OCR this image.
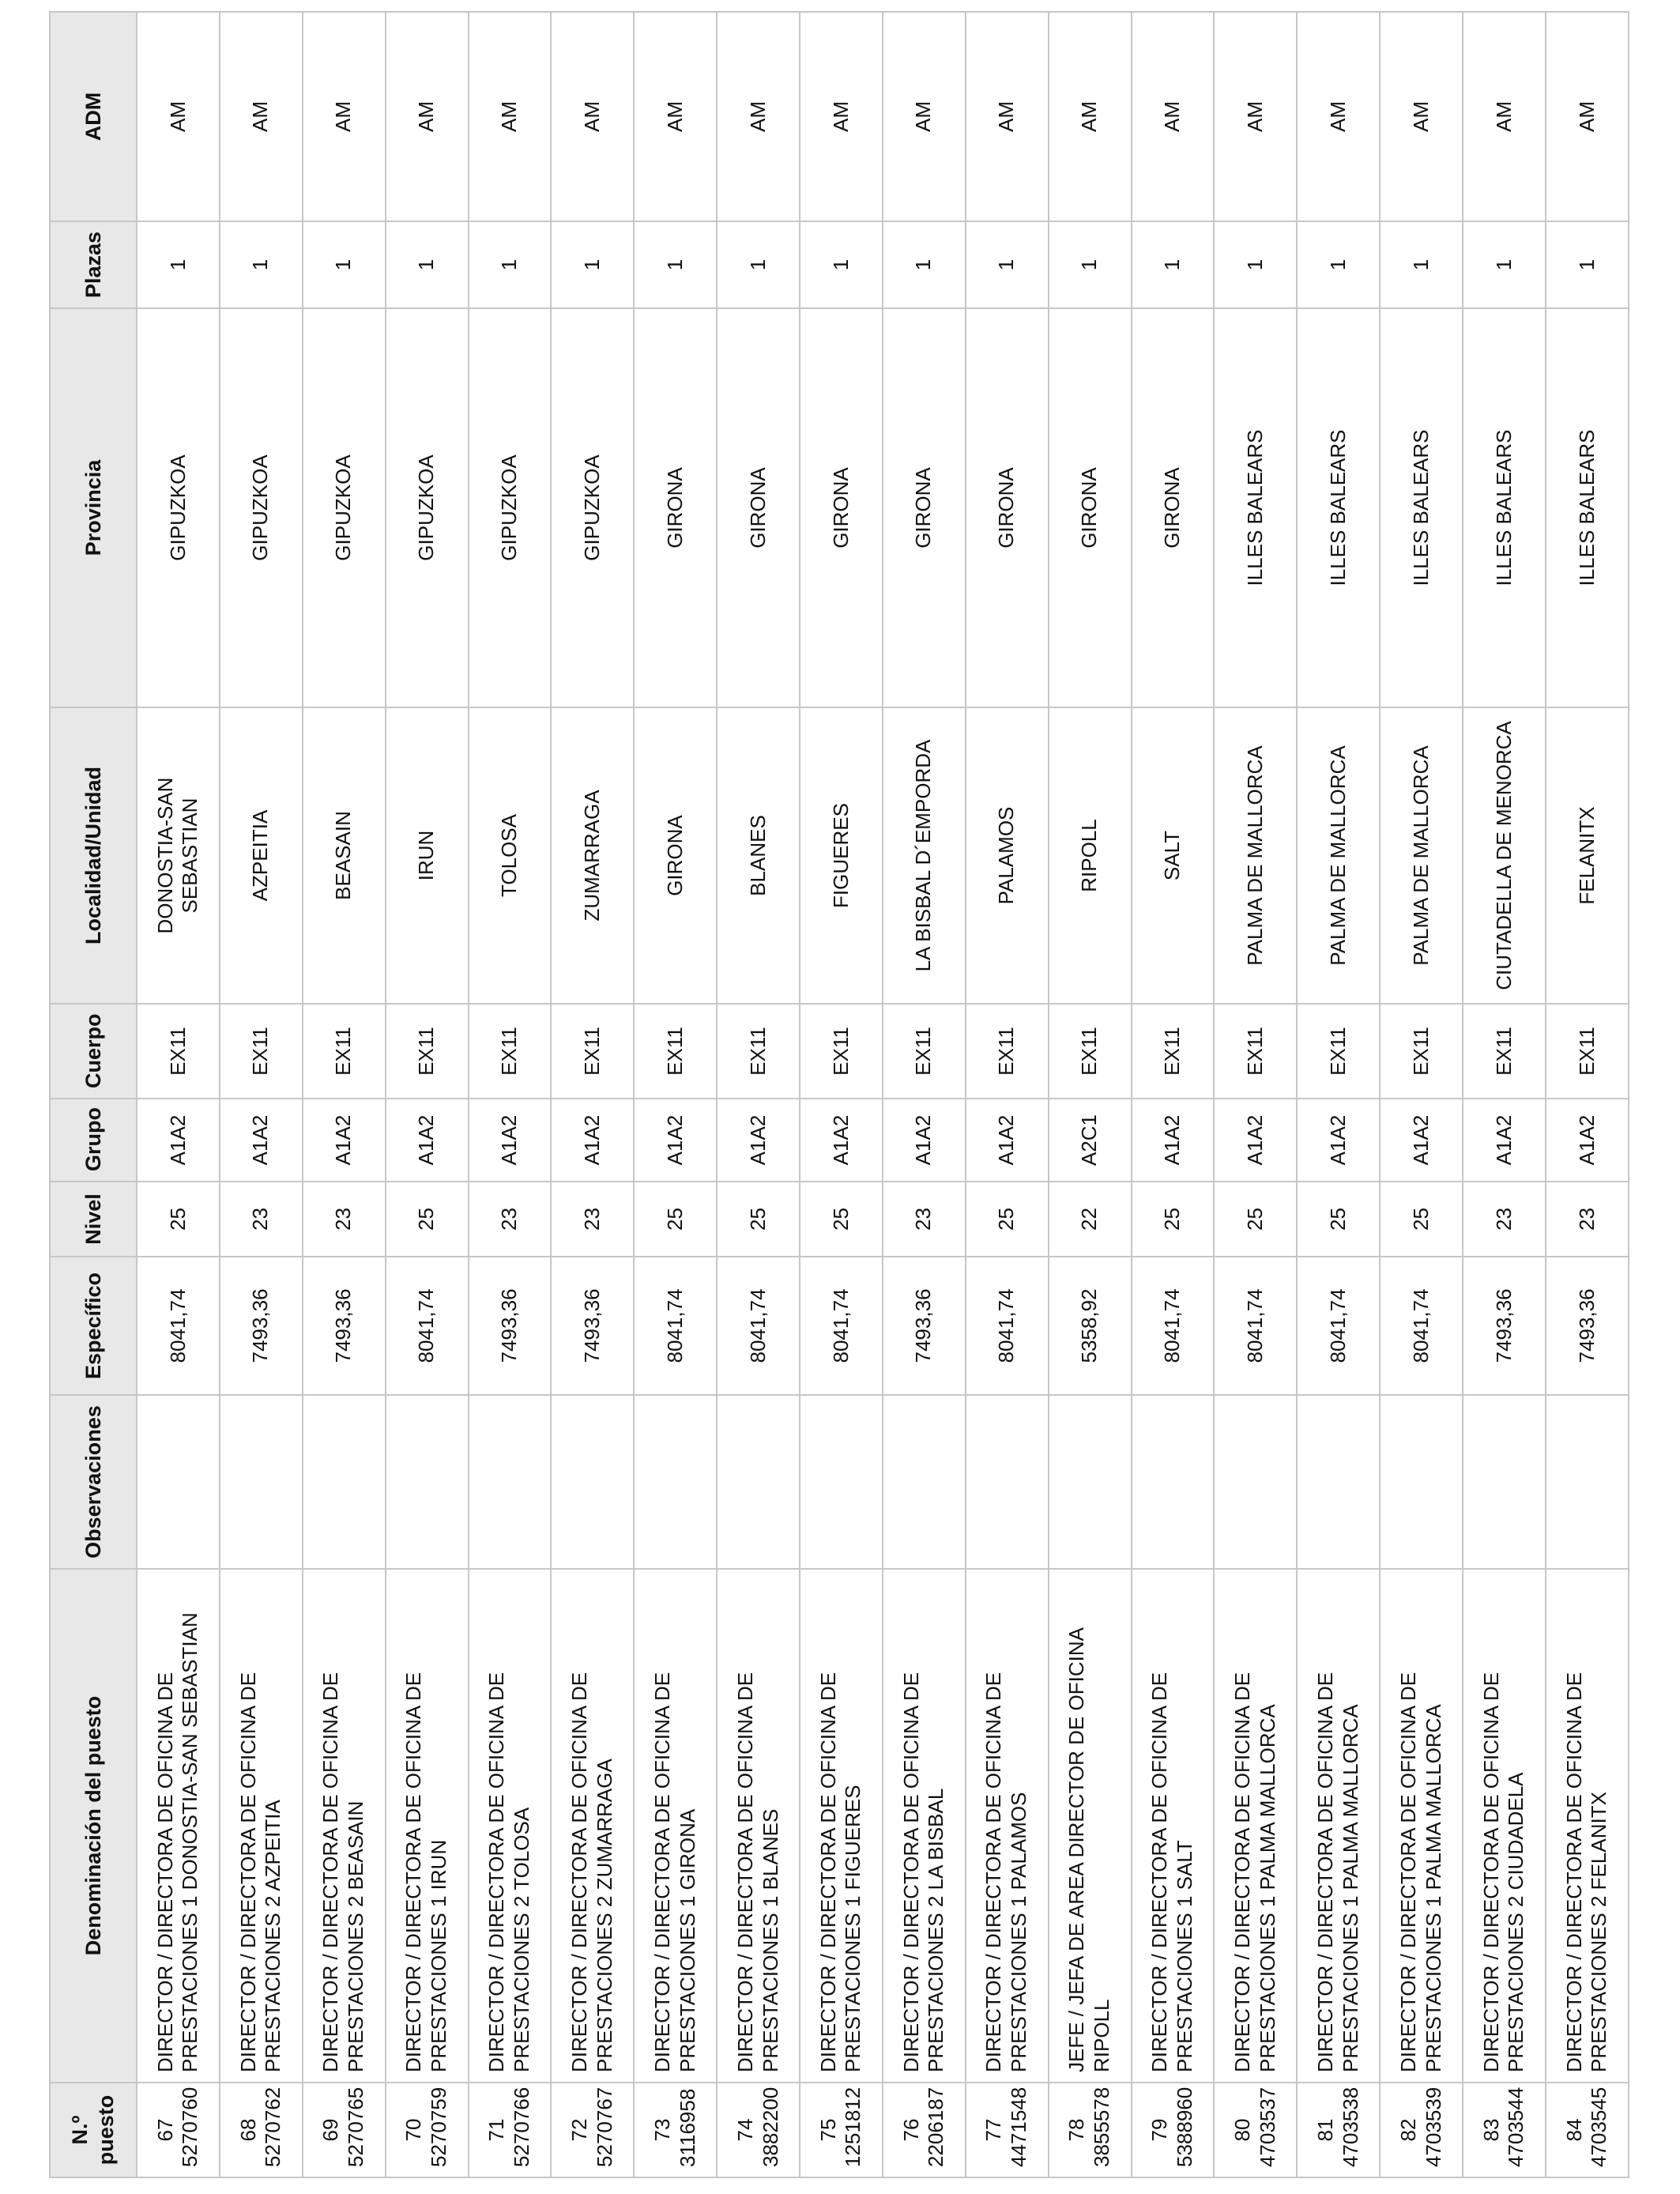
N.º puesto	Denominación del puesto	Observaciones	Específico	Nivel	Grupo	Cuerpo	Localidad/Unidad	Provincia	Plazas	ADM

67 5270760	DIRECTOR / DIRECTORA DE OFICINA DE PRESTACIONES 1 DONOSTIA-SAN SEBASTIAN		8041,74	25	A1A2	EX11	DONOSTIA-SAN SEBASTIAN	GIPUZKOA	1	AM

68 5270762	DIRECTOR / DIRECTORA DE OFICINA DE PRESTACIONES 2 AZPEITIA		7493,36	23	A1A2	EX11	AZPEITIA	GIPUZKOA	1	AM

69 5270765	DIRECTOR / DIRECTORA DE OFICINA DE PRESTACIONES 2 BEASAIN		7493,36	23	A1A2	EX11	BEASAIN	GIPUZKOA	1	AM

70 5270759	DIRECTOR / DIRECTORA DE OFICINA DE PRESTACIONES 1 IRUN		8041,74	25	A1A2	EX11	IRUN	GIPUZKOA	1	AM

71 5270766	DIRECTOR / DIRECTORA DE OFICINA DE PRESTACIONES 2 TOLOSA		7493,36	23	A1A2	EX11	TOLOSA	GIPUZKOA	1	AM

72 5270767	DIRECTOR / DIRECTORA DE OFICINA DE PRESTACIONES 2 ZUMARRAGA		7493,36	23	A1A2	EX11	ZUMARRAGA	GIPUZKOA	1	AM

73 3116958	DIRECTOR / DIRECTORA DE OFICINA DE PRESTACIONES 1 GIRONA		8041,74	25	A1A2	EX11	GIRONA	GIRONA	1	AM

74 3882200	DIRECTOR / DIRECTORA DE OFICINA DE PRESTACIONES 1 BLANES		8041,74	25	A1A2	EX11	BLANES	GIRONA	1	AM

75 1251812	DIRECTOR / DIRECTORA DE OFICINA DE PRESTACIONES 1 FIGUERES		8041,74	25	A1A2	EX11	FIGUERES	GIRONA	1	AM

76 2206187	DIRECTOR / DIRECTORA DE OFICINA DE PRESTACIONES 2 LA BISBAL		7493,36	23	A1A2	EX11	LA BISBAL D´EMPORDA	GIRONA	1	AM

77 4471548	DIRECTOR / DIRECTORA DE OFICINA DE PRESTACIONES 1 PALAMOS		8041,74	25	A1A2	EX11	PALAMOS	GIRONA	1	AM

78 3855578	JEFE / JEFA DE AREA DIRECTOR DE OFICINA RIPOLL		5358,92	22	A2C1	EX11	RIPOLL	GIRONA	1	AM

79 5388960	DIRECTOR / DIRECTORA DE OFICINA DE PRESTACIONES 1 SALT		8041,74	25	A1A2	EX11	SALT	GIRONA	1	AM

80 4703537	DIRECTOR / DIRECTORA DE OFICINA DE PRESTACIONES 1 PALMA MALLORCA		8041,74	25	A1A2	EX11	PALMA DE MALLORCA	ILLES BALEARS	1	AM

81 4703538	DIRECTOR / DIRECTORA DE OFICINA DE PRESTACIONES 1 PALMA MALLORCA		8041,74	25	A1A2	EX11	PALMA DE MALLORCA	ILLES BALEARS	1	AM

82 4703539	DIRECTOR / DIRECTORA DE OFICINA DE PRESTACIONES 1 PALMA MALLORCA		8041,74	25	A1A2	EX11	PALMA DE MALLORCA	ILLES BALEARS	1	AM

83 4703544	DIRECTOR / DIRECTORA DE OFICINA DE PRESTACIONES 2 CIUDADELA		7493,36	23	A1A2	EX11	CIUTADELLA DE MENORCA	ILLES BALEARS	1	AM

84 4703545	DIRECTOR / DIRECTORA DE OFICINA DE PRESTACIONES 2 FELANITX		7493,36	23	A1A2	EX11	FELANITX	ILLES BALEARS	1	AM
